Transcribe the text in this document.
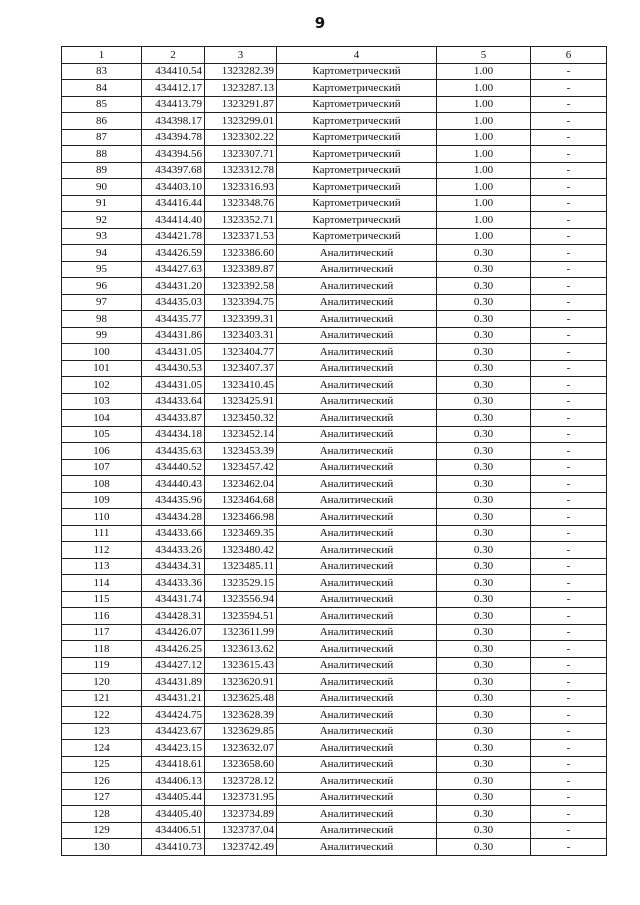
9
1	2	3	4	5	6
83	434410.54	1323282.39	Картометрический	1.00	-
84	434412.17	1323287.13	Картометрический	1.00	-
85	434413.79	1323291.87	Картометрический	1.00	-
86	434398.17	1323299.01	Картометрический	1.00	-
87	434394.78	1323302.22	Картометрический	1.00	-
88	434394.56	1323307.71	Картометрический	1.00	-
89	434397.68	1323312.78	Картометрический	1.00	-
90	434403.10	1323316.93	Картометрический	1.00	-
91	434416.44	1323348.76	Картометрический	1.00	-
92	434414.40	1323352.71	Картометрический	1.00	-
93	434421.78	1323371.53	Картометрический	1.00	-
94	434426.59	1323386.60	Аналитический	0.30	-
95	434427.63	1323389.87	Аналитический	0.30	-
96	434431.20	1323392.58	Аналитический	0.30	-
97	434435.03	1323394.75	Аналитический	0.30	-
98	434435.77	1323399.31	Аналитический	0.30	-
99	434431.86	1323403.31	Аналитический	0.30	-
100	434431.05	1323404.77	Аналитический	0.30	-
101	434430.53	1323407.37	Аналитический	0.30	-
102	434431.05	1323410.45	Аналитический	0.30	-
103	434433.64	1323425.91	Аналитический	0.30	-
104	434433.87	1323450.32	Аналитический	0.30	-
105	434434.18	1323452.14	Аналитический	0.30	-
106	434435.63	1323453.39	Аналитический	0.30	-
107	434440.52	1323457.42	Аналитический	0.30	-
108	434440.43	1323462.04	Аналитический	0.30	-
109	434435.96	1323464.68	Аналитический	0.30	-
110	434434.28	1323466.98	Аналитический	0.30	-
111	434433.66	1323469.35	Аналитический	0.30	-
112	434433.26	1323480.42	Аналитический	0.30	-
113	434434.31	1323485.11	Аналитический	0.30	-
114	434433.36	1323529.15	Аналитический	0.30	-
115	434431.74	1323556.94	Аналитический	0.30	-
116	434428.31	1323594.51	Аналитический	0.30	-
117	434426.07	1323611.99	Аналитический	0.30	-
118	434426.25	1323613.62	Аналитический	0.30	-
119	434427.12	1323615.43	Аналитический	0.30	-
120	434431.89	1323620.91	Аналитический	0.30	-
121	434431.21	1323625.48	Аналитический	0.30	-
122	434424.75	1323628.39	Аналитический	0.30	-
123	434423.67	1323629.85	Аналитический	0.30	-
124	434423.15	1323632.07	Аналитический	0.30	-
125	434418.61	1323658.60	Аналитический	0.30	-
126	434406.13	1323728.12	Аналитический	0.30	-
127	434405.44	1323731.95	Аналитический	0.30	-
128	434405.40	1323734.89	Аналитический	0.30	-
129	434406.51	1323737.04	Аналитический	0.30	-
130	434410.73	1323742.49	Аналитический	0.30	-
